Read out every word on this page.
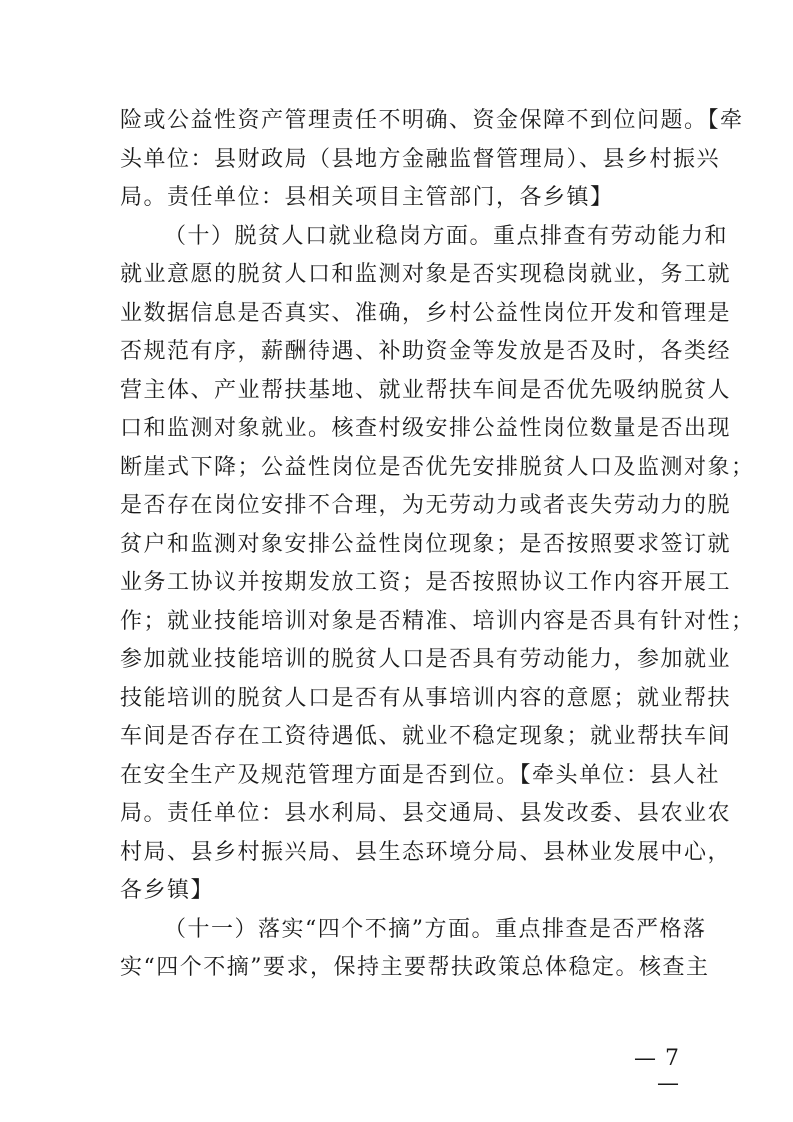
险或公益性资产管理责任不明确、资金保障不到位问题。【牵
头单位：县财政局（县地方金融监督管理局）、县乡村振兴
局。责任单位：县相关项目主管部门，各乡镇】
（十）脱贫人口就业稳岗方面。重点排查有劳动能力和
就业意愿的脱贫人口和监测对象是否实现稳岗就业，务工就
业数据信息是否真实、准确，乡村公益性岗位开发和管理是
否规范有序，薪酬待遇、补助资金等发放是否及时，各类经
营主体、产业帮扶基地、就业帮扶车间是否优先吸纳脱贫人
口和监测对象就业。核查村级安排公益性岗位数量是否出现
断崖式下降；公益性岗位是否优先安排脱贫人口及监测对象；
是否存在岗位安排不合理，为无劳动力或者丧失劳动力的脱
贫户和监测对象安排公益性岗位现象；是否按照要求签订就
业务工协议并按期发放工资；是否按照协议工作内容开展工
作；就业技能培训对象是否精准、培训内容是否具有针对性；
参加就业技能培训的脱贫人口是否具有劳动能力，参加就业
技能培训的脱贫人口是否有从事培训内容的意愿；就业帮扶
车间是否存在工资待遇低、就业不稳定现象；就业帮扶车间
在安全生产及规范管理方面是否到位。【牵头单位：县人社
局。责任单位：县水利局、县交通局、县发改委、县农业农
村局、县乡村振兴局、县生态环境分局、县林业发展中心，
各乡镇】
（十一）落实“四个不摘”方面。重点排查是否严格落
实“四个不摘”要求，保持主要帮扶政策总体稳定。核查主
— 7 —
